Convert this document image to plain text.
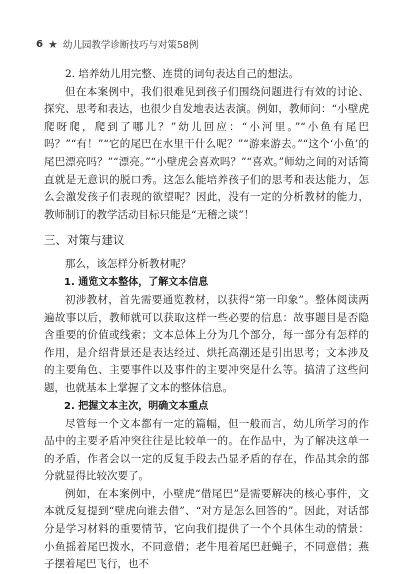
6 ★ 幼儿园教学诊断技巧与对策58例

2. 培养幼儿用完整、连贯的词句表达自己的想法。

但在本案例中，我们很难见到孩子们围绕问题进行有效的讨论、探究、思考和表达，也很少自发地表达表演。例如，教师问：“小壁虎爬呀爬，爬到了哪儿？”幼儿回应：“小河里。”“小鱼有尾巴吗？”“有！”“它的尾巴在水里干什么呢？”“游来游去。”“这个‘小鱼’的尾巴漂亮吗？”“漂亮。”“小壁虎会喜欢吗？”“喜欢。”师幼之间的对话简直就是无意识的脱口秀。这怎么能培养孩子们的思考和表达能力，怎么会激发孩子们表现的欲望呢？因此，没有一定的分析教材的能力，教师制订的教学活动目标只能是“无稽之谈”！

三、对策与建议

那么，该怎样分析教材呢？

1. 通览文本整体，了解文本信息

初涉教材，首先需要通览教材，以获得“第一印象”。整体阅读两遍故事以后，教师就可以获取这样一些必要的信息：故事题目是否隐含重要的价值或线索；文本总体上分为几个部分，每一部分有怎样的作用，是介绍背景还是表达经过、烘托高潮还是引出思考；文本涉及的主要角色、主要事件以及事件的主要冲突是什么等。搞清了这些问题，也就基本上掌握了文本的整体信息。

2. 把握文本主次，明确文本重点

尽管每一个文本都有一定的篇幅，但一般而言，幼儿所学习的作品中的主要矛盾冲突往往是比较单一的。在作品中，为了解决这单一的矛盾，作者会以一定的反复手段去凸显矛盾的存在，作品其余的部分就显得比较次要了。

例如，在本案例中，小壁虎“借尾巴”是需要解决的核心事件，文本就反复提到“壁虎向谁去借”、“对方是怎么回答的”。因此，对话部分是学习材料的重要情节，它向我们提供了一个个具体生动的情景：小鱼摇着尾巴拨水，不同意借；老牛甩着尾巴赶蝇子，不同意借；燕子摆着尾巴飞行，也不
